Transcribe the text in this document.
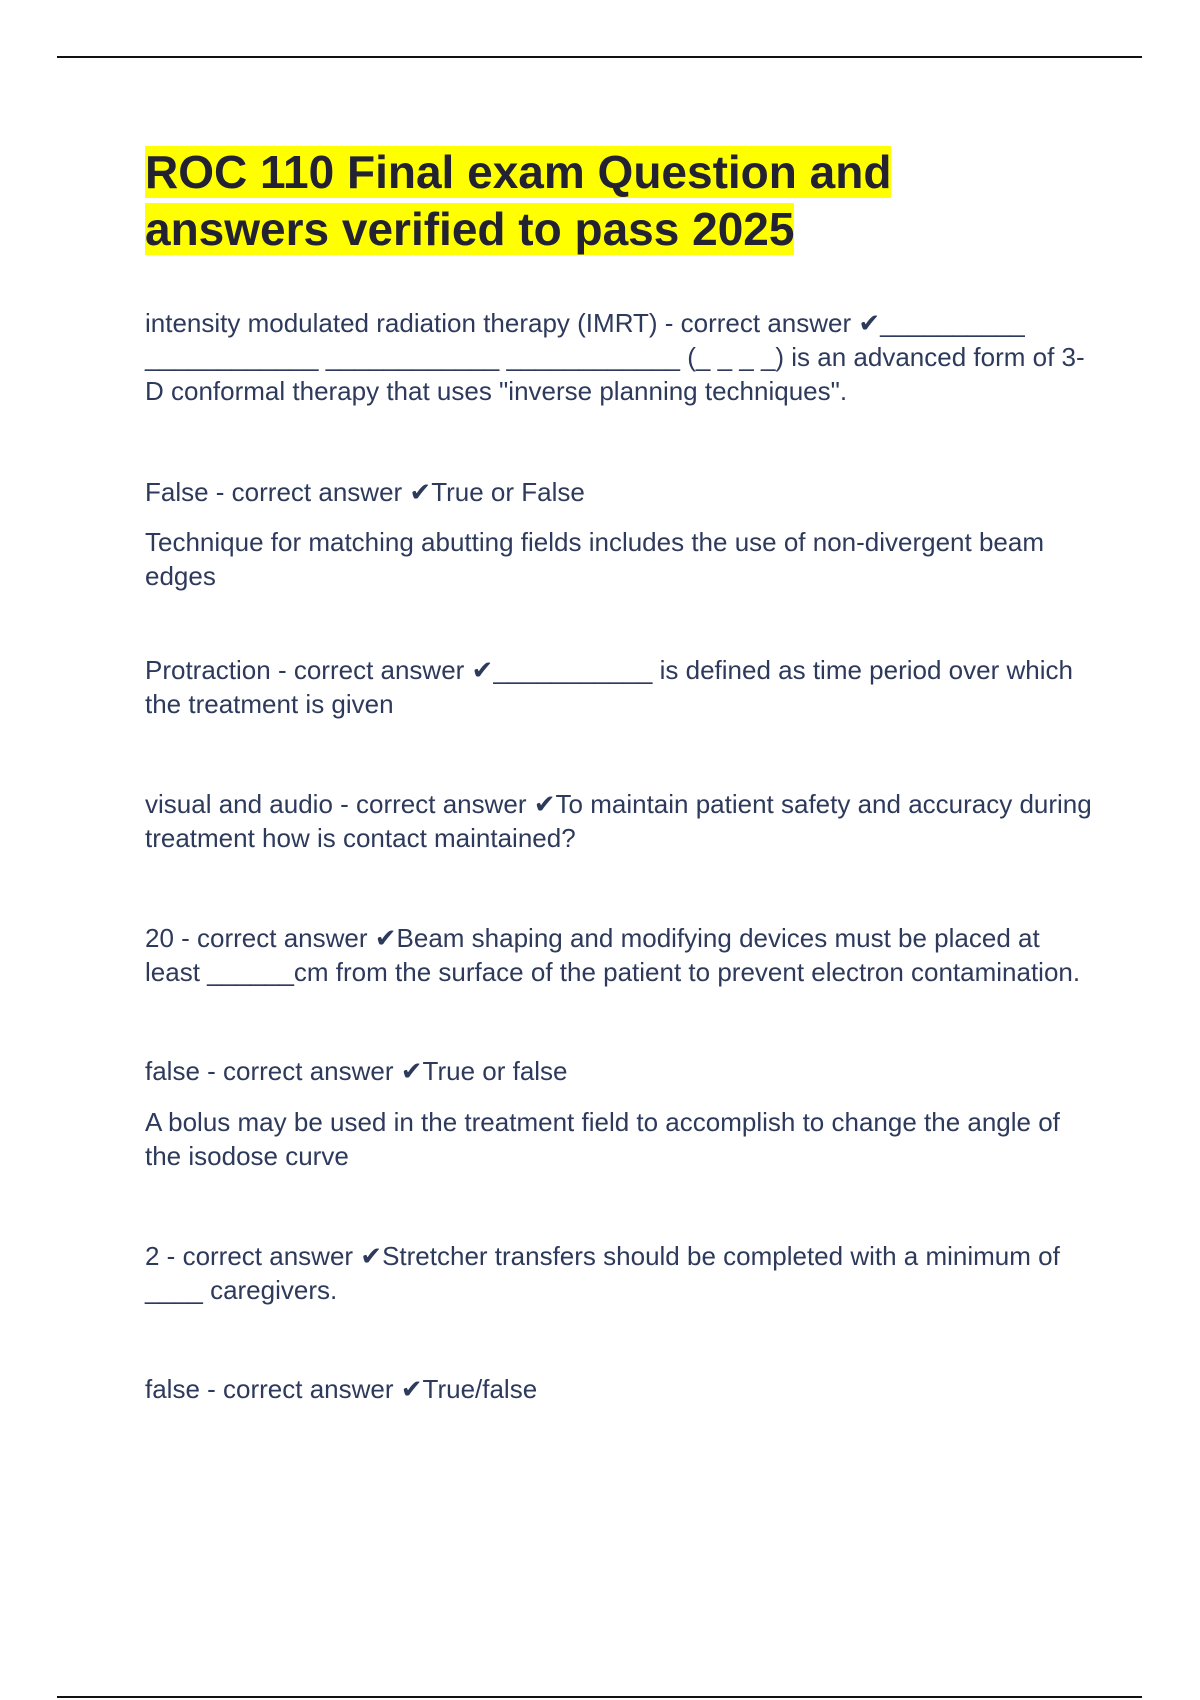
ROC 110 Final exam Question and
answers verified to pass 2025

intensity modulated radiation therapy (IMRT) - correct answer ✔__________ ____________ ____________ ____________ (_ _ _ _) is an advanced form of 3-D conformal therapy that uses "inverse planning techniques".

False - correct answer ✔True or False

Technique for matching abutting fields includes the use of non-divergent beam edges

Protraction - correct answer ✔___________ is defined as time period over which the treatment is given

visual and audio - correct answer ✔To maintain patient safety and accuracy during treatment how is contact maintained?

20 - correct answer ✔Beam shaping and modifying devices must be placed at least ______cm from the surface of the patient to prevent electron contamination.

false - correct answer ✔True or false

A bolus may be used in the treatment field to accomplish to change the angle of the isodose curve

2 - correct answer ✔Stretcher transfers should be completed with a minimum of ____ caregivers.

false - correct answer ✔True/false
